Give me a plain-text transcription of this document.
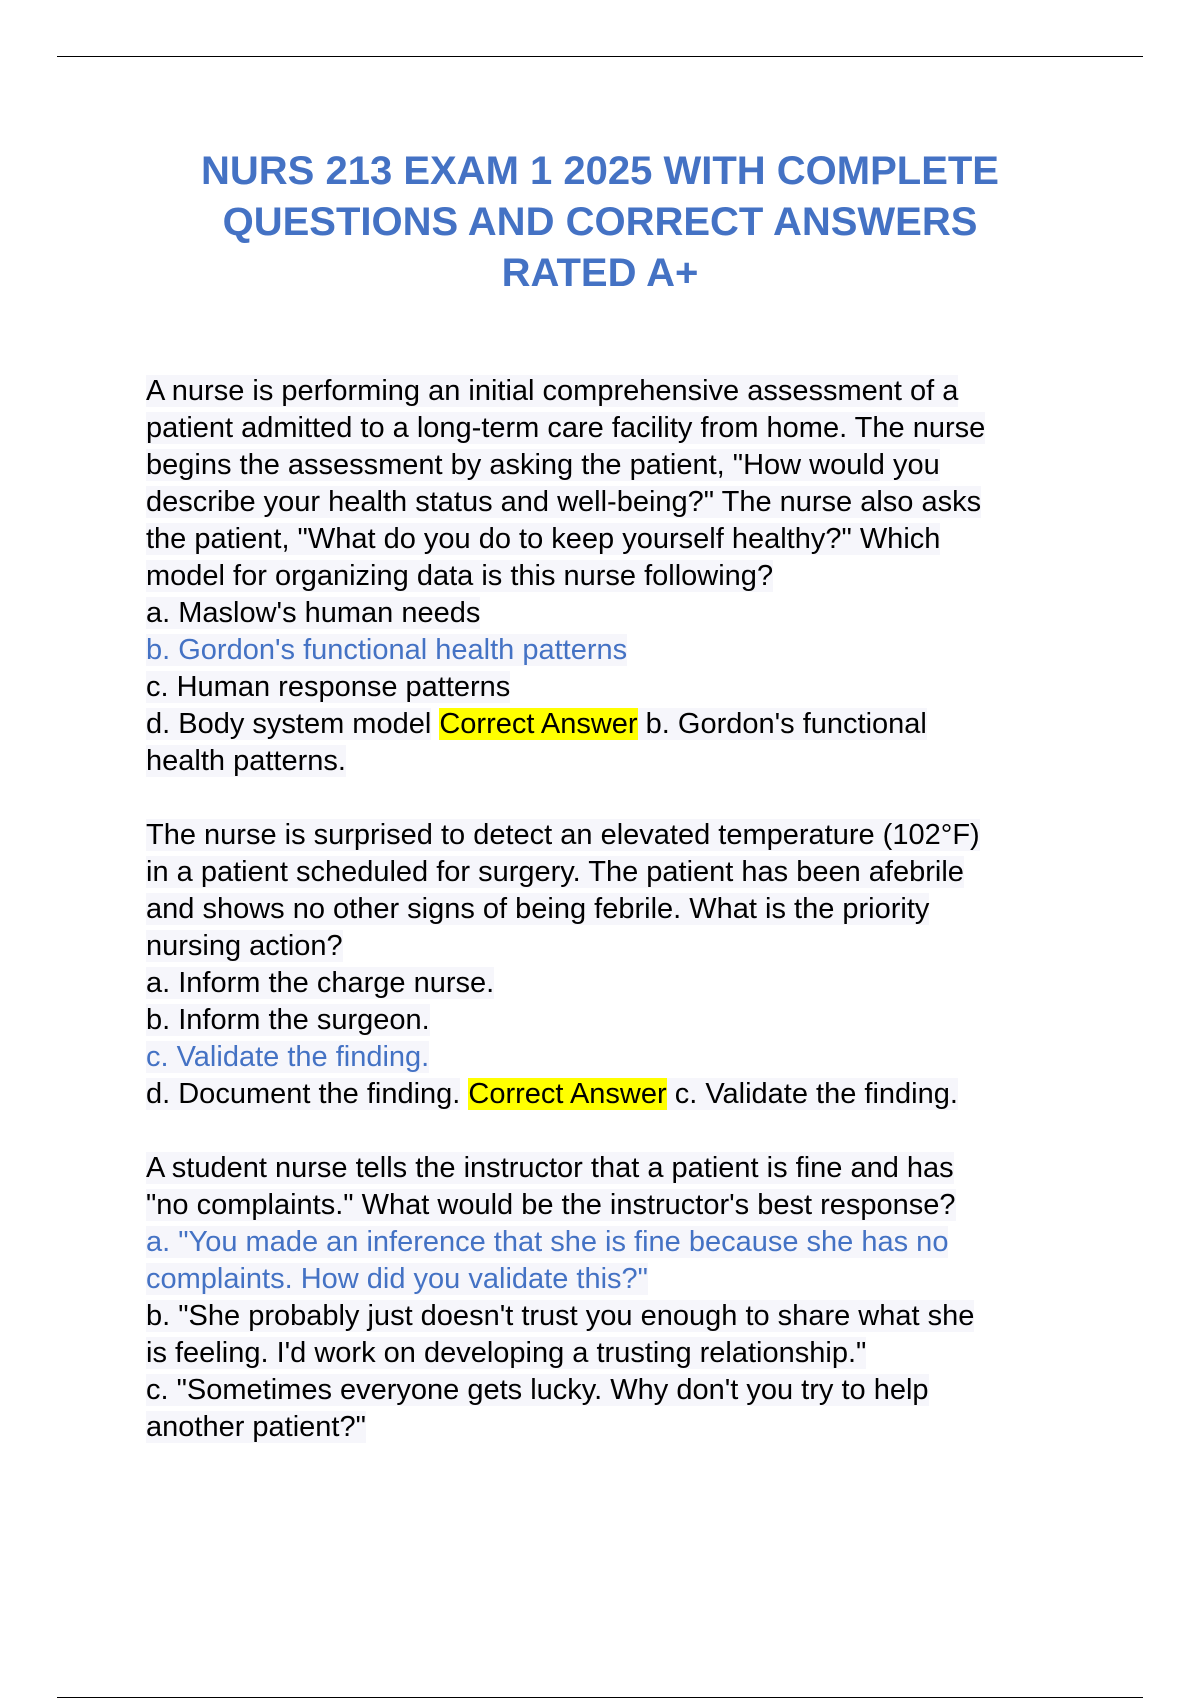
NURS 213 EXAM 1 2025 WITH COMPLETE
QUESTIONS AND CORRECT ANSWERS
RATED A+
A nurse is performing an initial comprehensive assessment of a
patient admitted to a long-term care facility from home. The nurse
begins the assessment by asking the patient, "How would you
describe your health status and well-being?" The nurse also asks
the patient, "What do you do to keep yourself healthy?" Which
model for organizing data is this nurse following?
a. Maslow's human needs
b. Gordon's functional health patterns
c. Human response patterns
d. Body system model Correct Answer b. Gordon's functional
health patterns.
The nurse is surprised to detect an elevated temperature (102°F)
in a patient scheduled for surgery. The patient has been afebrile
and shows no other signs of being febrile. What is the priority
nursing action?
a. Inform the charge nurse.
b. Inform the surgeon.
c. Validate the finding.
d. Document the finding. Correct Answer c. Validate the finding.
A student nurse tells the instructor that a patient is fine and has
"no complaints." What would be the instructor's best response?
a. "You made an inference that she is fine because she has no
complaints. How did you validate this?"
b. "She probably just doesn't trust you enough to share what she
is feeling. I'd work on developing a trusting relationship."
c. "Sometimes everyone gets lucky. Why don't you try to help
another patient?"
